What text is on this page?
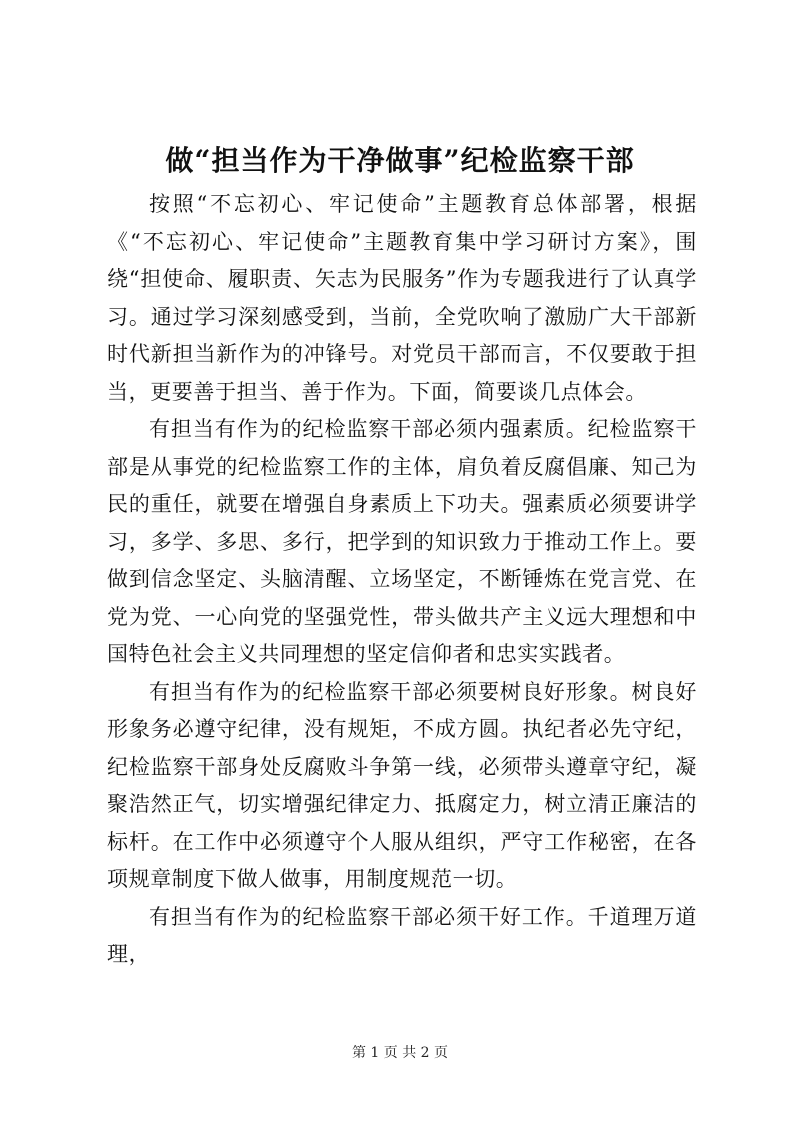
做“担当作为干净做事”纪检监察干部

按照“不忘初心、牢记使命”主题教育总体部署，根据《“不忘初心、牢记使命”主题教育集中学习研讨方案》，围绕“担使命、履职责、矢志为民服务”作为专题我进行了认真学习。通过学习深刻感受到，当前，全党吹响了激励广大干部新时代新担当新作为的冲锋号。对党员干部而言，不仅要敢于担当，更要善于担当、善于作为。下面，简要谈几点体会。

有担当有作为的纪检监察干部必须内强素质。纪检监察干部是从事党的纪检监察工作的主体，肩负着反腐倡廉、知己为民的重任，就要在增强自身素质上下功夫。强素质必须要讲学习，多学、多思、多行，把学到的知识致力于推动工作上。要做到信念坚定、头脑清醒、立场坚定，不断锤炼在党言党、在党为党、一心向党的坚强党性，带头做共产主义远大理想和中国特色社会主义共同理想的坚定信仰者和忠实实践者。

有担当有作为的纪检监察干部必须要树良好形象。树良好形象务必遵守纪律，没有规矩，不成方圆。执纪者必先守纪，纪检监察干部身处反腐败斗争第一线，必须带头遵章守纪，凝聚浩然正气，切实增强纪律定力、抵腐定力，树立清正廉洁的标杆。在工作中必须遵守个人服从组织，严守工作秘密，在各项规章制度下做人做事，用制度规范一切。

有担当有作为的纪检监察干部必须干好工作。千道理万道理，

第 1 页 共 2 页
